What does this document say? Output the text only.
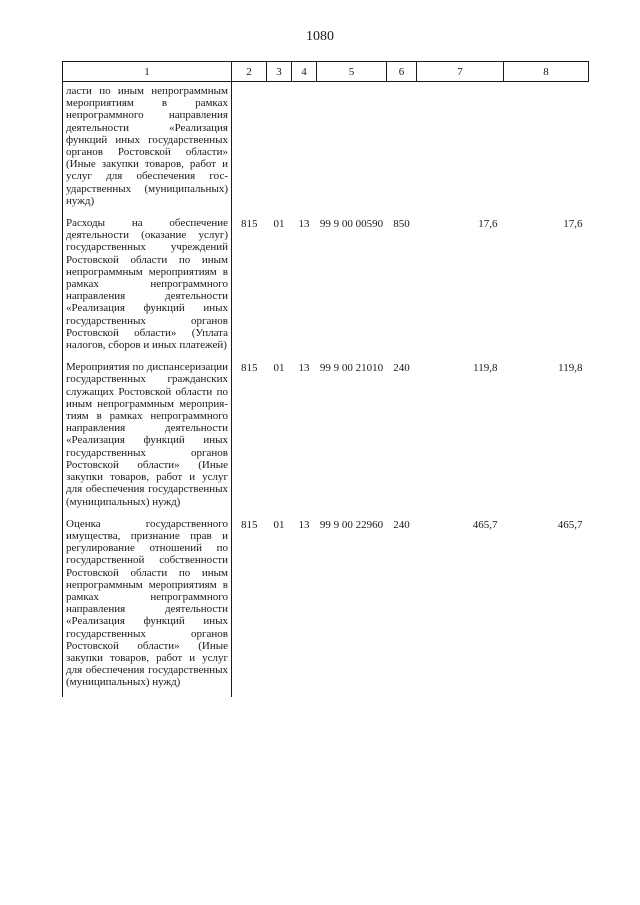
1080
1	2	3	4	5	6	7	8
ласти по иным непрограммным мероприятиям в рамках непрограммного направления деятельности «Реализация функций иных государственных органов Ростовской области» (Иные закупки товаров, работ и услуг для обеспечения государственных (муниципальных) нужд)							
Расходы на обеспечение деятельности (оказание услуг) государственных учреждений Ростовской области по иным непрограммным мероприятиям в рамках непрограммного направления деятельности «Реализация функций иных государственных органов Ростовской области» (Уплата налогов, сборов и иных платежей)	815	01	13	99 9 00 00590	850	17,6	17,6
Мероприятия по диспансеризации государственных гражданских служащих Ростовской области по иным непрограммным мероприятиям в рамках непрограммного направления деятельности «Реализация функций иных государственных органов Ростовской области» (Иные закупки товаров, работ и услуг для обеспечения государственных (муниципальных) нужд)	815	01	13	99 9 00 21010	240	119,8	119,8
Оценка государственного имущества, признание прав и регулирование отношений по государственной собственности Ростовской области по иным непрограммным мероприятиям в рамках непрограммного направления деятельности «Реализация функций иных государственных органов Ростовской области» (Иные закупки товаров, работ и услуг для обеспечения государственных (муниципальных) нужд)	815	01	13	99 9 00 22960	240	465,7	465,7
